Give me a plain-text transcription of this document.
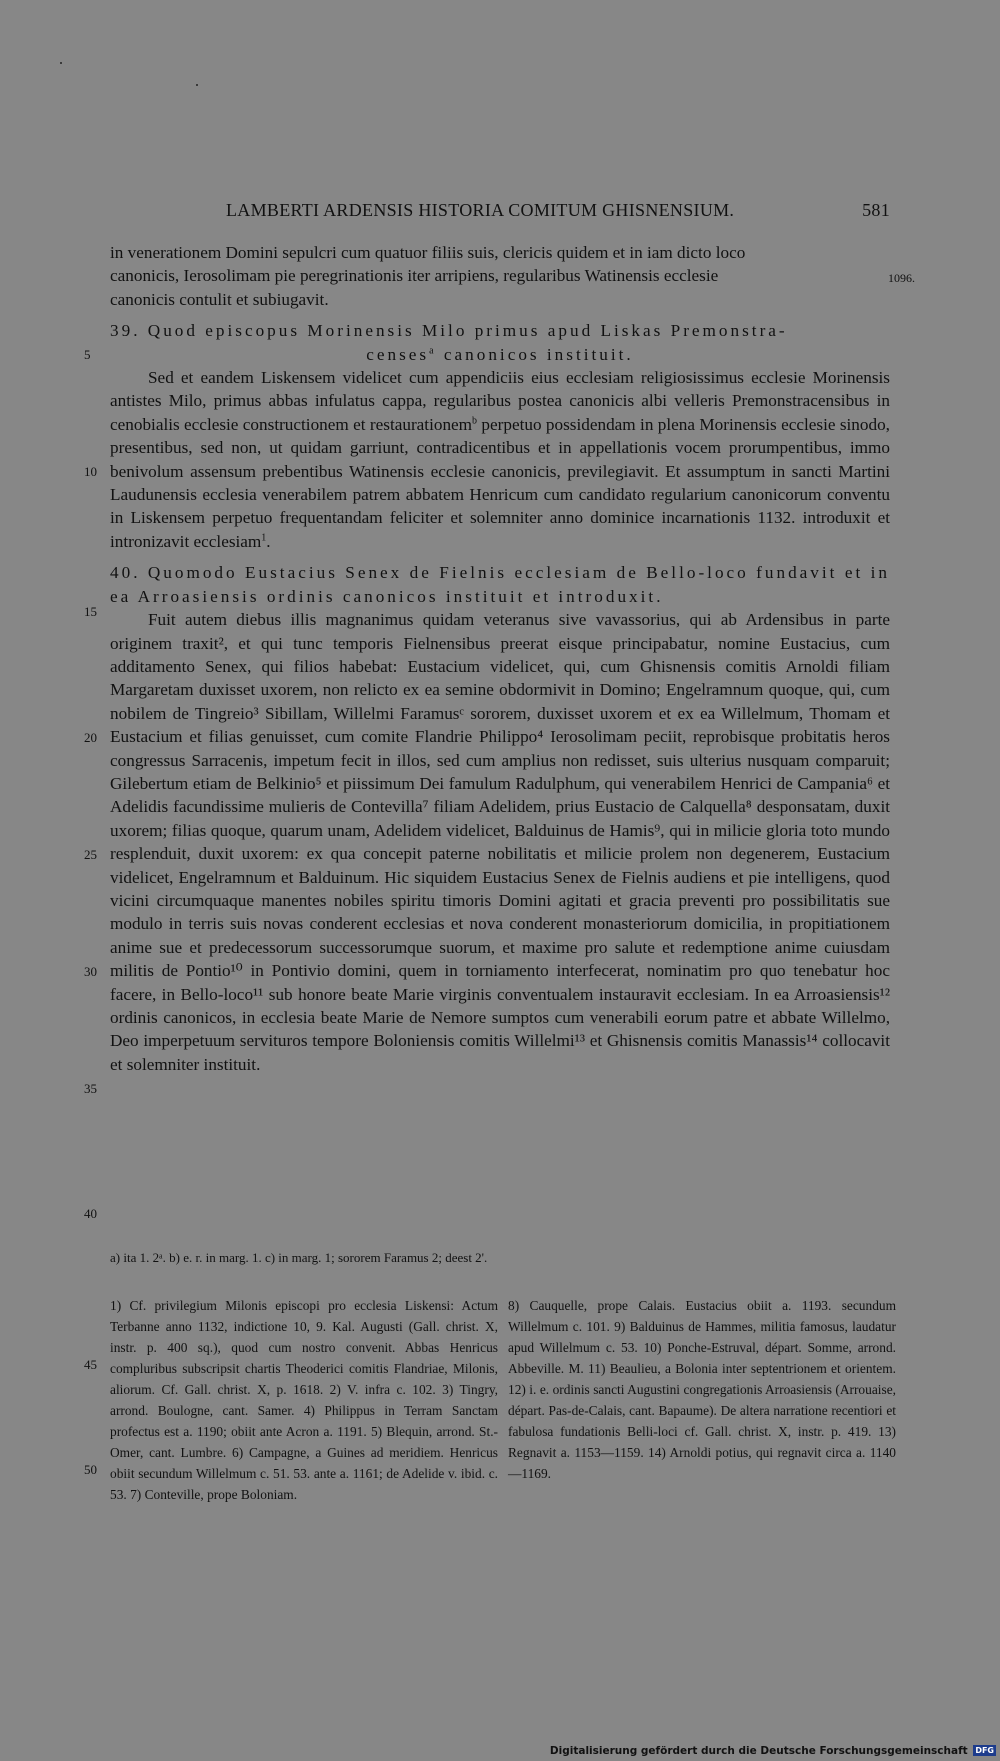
LAMBERTI ARDENSIS HISTORIA COMITUM GHISNENSIUM.	581
1096.

in venerationem Domini sepulcri cum quatuor filiis suis, clericis quidem et in iam dicto loco

canonicis, Ierosolimam pie peregrinationis iter arripiens, regularibus Watinensis ecclesie

canonicis contulit et subiugavit.

39. Quod episcopus Morinensis Milo primus apud Liskas Premonstra-

censes$^a$ canonicos instituit.

Sed et eandem Liskensem videlicet cum appendiciis eius ecclesiam religiosissimus ecclesie Morinensis antistes Milo, primus abbas infulatus cappa, regularibus postea canonicis albi velleris Premonstracensibus in cenobialis ecclesie constructionem et restaurationem$^b$ perpetuo possidendam in plena Morinensis ecclesie sinodo, presentibus, sed non, ut quidam garriunt, contradicentibus et in appellationis vocem prorumpentibus, immo benivolum assensum prebentibus Watinensis ecclesie canonicis, previlegiavit. Et assumptum in sancti Martini Laudunensis ecclesia venerabilem patrem abbatem Henricum cum candidato regularium canonicorum conventu in Liskensem perpetuo frequentandam feliciter et solemniter anno dominice incarnationis 1132. introduxit et intronizavit ecclesiam$^1$.

40. Quomodo Eustacius Senex de Fielnis ecclesiam de Bello-loco fundavit et in ea Arroasiensis ordinis canonicos instituit et introduxit.

Fuit autem diebus illis magnanimus quidam veteranus sive vavassorius, qui ab Ardensibus in parte originem traxit², et qui tunc temporis Fielnensibus preerat eisque principabatur, nomine Eustacius, cum additamento Senex, qui filios habebat: Eustacium videlicet, qui, cum Ghisnensis comitis Arnoldi filiam Margaretam duxisset uxorem, non relicto ex ea semine obdormivit in Domino; Engelramnum quoque, qui, cum nobilem de Tingreio³ Sibillam, Willelmi Faramusᶜ sororem, duxisset uxorem et ex ea Willelmum, Thomam et Eustacium et filias genuisset, cum comite Flandrie Philippo⁴ Ierosolimam peciit, reprobisque probitatis heros congressus Sarracenis, impetum fecit in illos, sed cum amplius non redisset, suis ulterius nusquam comparuit; Gilebertum etiam de Belkinio⁵ et piissimum Dei famulum Radulphum, qui venerabilem Henrici de Campania⁶ et Adelidis facundissime mulieris de Contevilla⁷ filiam Adelidem, prius Eustacio de Calquella⁸ desponsatam, duxit uxorem; filias quoque, quarum unam, Adelidem videlicet, Balduinus de Hamis⁹, qui in milicie gloria toto mundo resplenduit, duxit uxorem: ex qua concepit paterne nobilitatis et milicie prolem non degenerem, Eustacium videlicet, Engelramnum et Balduinum. Hic siquidem Eustacius Senex de Fielnis audiens et pie intelligens, quod vicini circumquaque manentes nobiles spiritu timoris Domini agitati et gracia preventi pro possibilitatis sue modulo in terris suis novas conderent ecclesias et nova conderent monasteriorum domicilia, in propitiationem anime sue et predecessorum successorumque suorum, et maxime pro salute et redemptione anime cuiusdam militis de Pontio¹⁰ in Pontivio domini, quem in torniamento interfecerat, nominatim pro quo tenebatur hoc facere, in Bello-loco¹¹ sub honore beate Marie virginis conventualem instauravit ecclesiam. In ea Arroasiensis¹² ordinis canonicos, in ecclesia beate Marie de Nemore sumptos cum venerabili eorum patre et abbate Willelmo, Deo imperpetuum servituros tempore Boloniensis comitis Willelmi¹³ et Ghisnensis comitis Manassis¹⁴ collocavit et solemniter instituit.

5
10
15
20
25
30
35
40
45
50
a) ita 1. 2ᵃ. b) e. r. in marg. 1. c) in marg. 1; sororem Faramus 2; deest 2'.

1) Cf. privilegium Milonis episcopi pro ecclesia Liskensi: Actum Terbanne anno 1132, indictione 10, 9. Kal. Augusti (Gall. christ. X, instr. p. 400 sq.), quod cum nostro convenit. Abbas Henricus compluribus subscripsit chartis Theoderici comitis Flandriae, Milonis, aliorum. Cf. Gall. christ. X, p. 1618. 2) V. infra c. 102. 3) Tingry, arrond. Boulogne, cant. Samer. 4) Philippus in Terram Sanctam profectus est a. 1190; obiit ante Acron a. 1191. 5) Blequin, arrond. St.-Omer, cant. Lumbre. 6) Campagne, a Guines ad meridiem. Henricus obiit secundum Willelmum c. 51. 53. ante a. 1161; de Adelide v. ibid. c. 53. 7) Conteville, prope Boloniam.

8) Cauquelle, prope Calais. Eustacius obiit a. 1193. secundum Willelmum c. 101. 9) Balduinus de Hammes, militia famosus, laudatur apud Willelmum c. 53. 10) Ponche-Estruval, départ. Somme, arrond. Abbeville. M. 11) Beaulieu, a Bolonia inter septentrionem et orientem. 12) i. e. ordinis sancti Augustini congregationis Arroasiensis (Arrouaise, départ. Pas-de-Calais, cant. Bapaume). De altera narratione recentiori et fabulosa fundationis Belli-loci cf. Gall. christ. X, instr. p. 419. 13) Regnavit a. 1153—1159. 14) Arnoldi potius, qui regnavit circa a. 1140—1169.

Digitalisierung gefördert durch die Deutsche Forschungsgemeinschaft DFG
